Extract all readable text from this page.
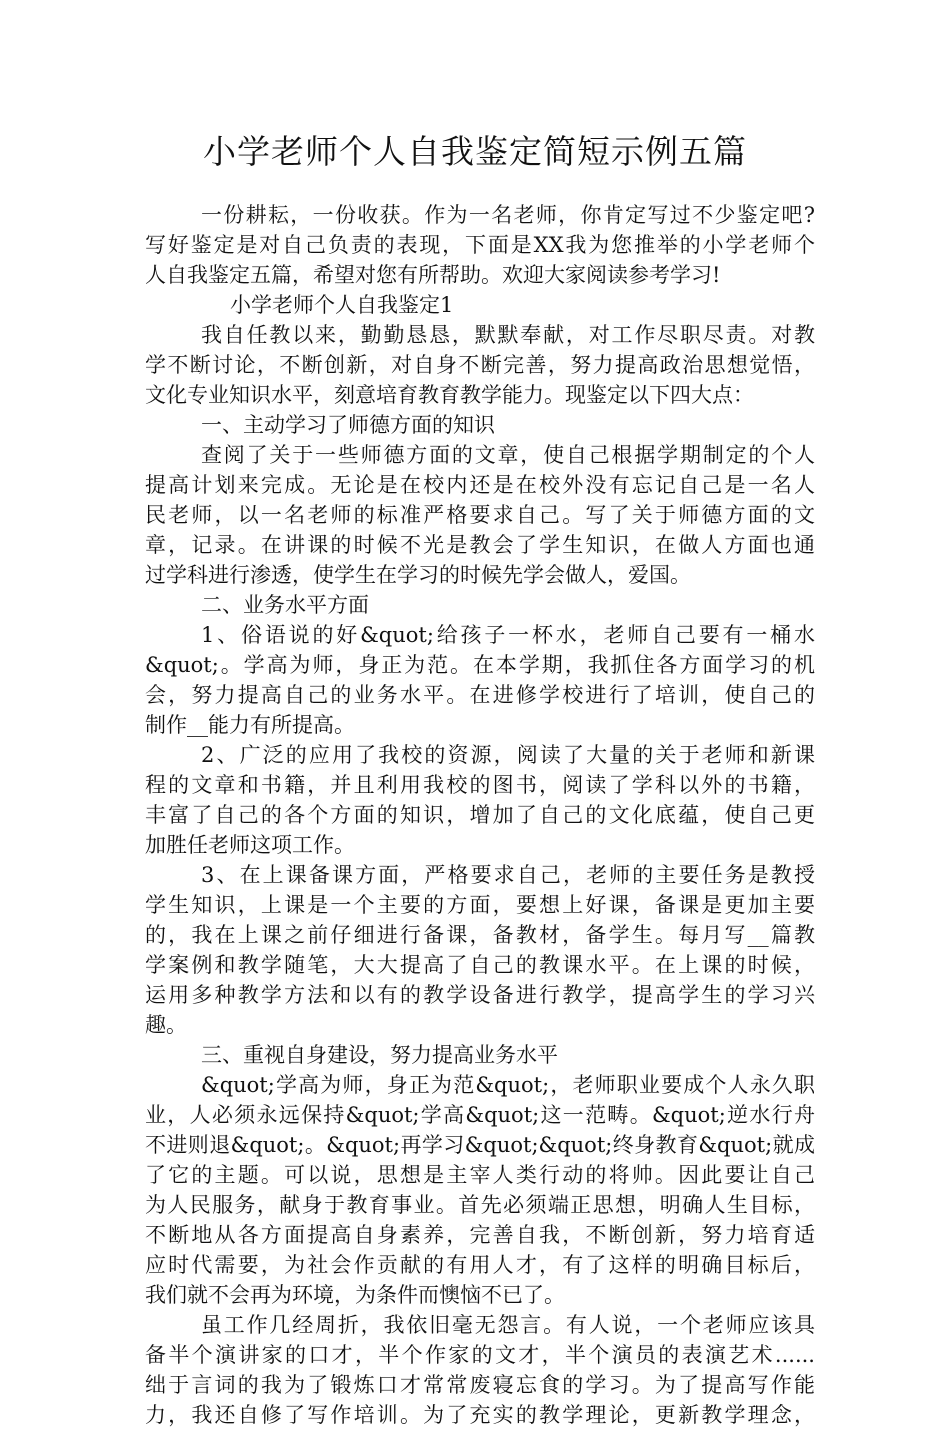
小学老师个人自我鉴定简短示例五篇
一份耕耘，一份收获。作为一名老师，你肯定写过不少鉴定吧?
写好鉴定是对自己负责的表现，下面是XX我为您推举的小学老师个
人自我鉴定五篇，希望对您有所帮助。欢迎大家阅读参考学习!
小学老师个人自我鉴定1
我自任教以来，勤勤恳恳，默默奉献，对工作尽职尽责。对教
学不断讨论，不断创新，对自身不断完善，努力提高政治思想觉悟，
文化专业知识水平，刻意培育教育教学能力。现鉴定以下四大点：
一、主动学习了师德方面的知识
查阅了关于一些师德方面的文章，使自己根据学期制定的个人
提高计划来完成。无论是在校内还是在校外没有忘记自己是一名人
民老师，以一名老师的标准严格要求自己。写了关于师德方面的文
章，记录。在讲课的时候不光是教会了学生知识，在做人方面也通
过学科进行渗透，使学生在学习的时候先学会做人，爱国。
二、业务水平方面
1、俗语说的好&quot;给孩子一杯水，老师自己要有一桶水
&quot;。学高为师，身正为范。在本学期，我抓住各方面学习的机
会，努力提高自己的业务水平。在进修学校进行了培训，使自己的
制作__能力有所提高。
2、广泛的应用了我校的资源，阅读了大量的关于老师和新课
程的文章和书籍，并且利用我校的图书，阅读了学科以外的书籍，
丰富了自己的各个方面的知识，增加了自己的文化底蕴，使自己更
加胜任老师这项工作。
3、在上课备课方面，严格要求自己，老师的主要任务是教授
学生知识，上课是一个主要的方面，要想上好课，备课是更加主要
的，我在上课之前仔细进行备课，备教材，备学生。每月写__篇教
学案例和教学随笔，大大提高了自己的教课水平。在上课的时候，
运用多种教学方法和以有的教学设备进行教学，提高学生的学习兴
趣。
三、重视自身建设，努力提高业务水平
&quot;学高为师，身正为范&quot;，老师职业要成个人永久职
业，人必须永远保持&quot;学高&quot;这一范畴。&quot;逆水行舟
不进则退&quot;。&quot;再学习&quot;&quot;终身教育&quot;就成
了它的主题。可以说，思想是主宰人类行动的将帅。因此要让自己
为人民服务，献身于教育事业。首先必须端正思想，明确人生目标，
不断地从各方面提高自身素养，完善自我，不断创新，努力培育适
应时代需要，为社会作贡献的有用人才，有了这样的明确目标后，
我们就不会再为环境，为条件而懊恼不已了。
虽工作几经周折，我依旧毫无怨言。有人说，一个老师应该具
备半个演讲家的口才，半个作家的文才，半个演员的表演艺术......
绌于言词的我为了锻炼口才常常废寝忘食的学习。为了提高写作能
力，我还自修了写作培训。为了充实的教学理论，更新教学理念，
